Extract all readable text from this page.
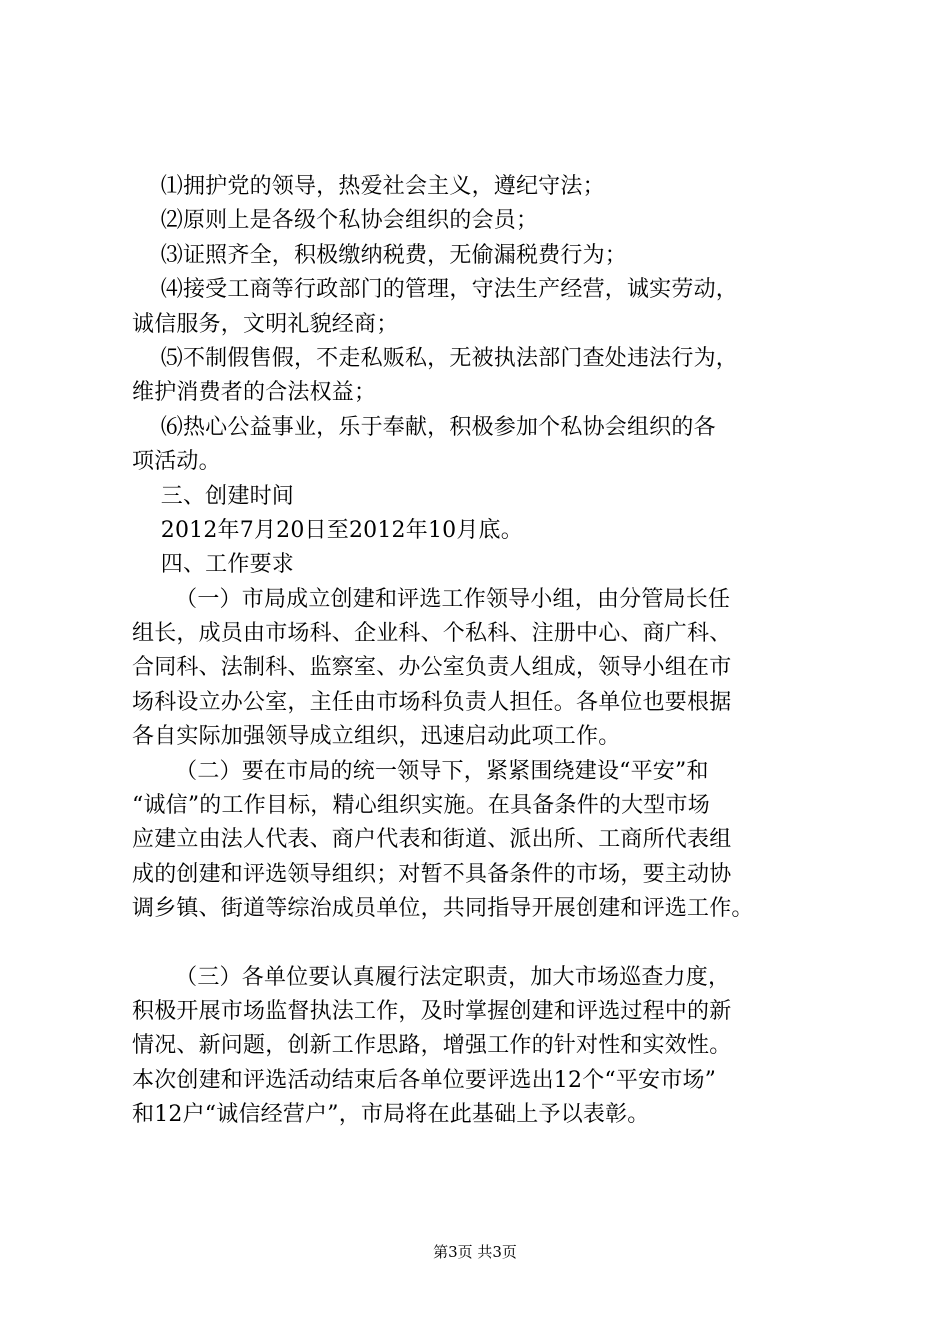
⑴拥护党的领导，热爱社会主义，遵纪守法；
⑵原则上是各级个私协会组织的会员；
⑶证照齐全，积极缴纳税费，无偷漏税费行为；
⑷接受工商等行政部门的管理，守法生产经营，诚实劳动，
诚信服务，文明礼貌经商；
⑸不制假售假，不走私贩私，无被执法部门查处违法行为，
维护消费者的合法权益；
⑹热心公益事业，乐于奉献，积极参加个私协会组织的各
项活动。
三、创建时间
2012年7月20日至2012年10月底。
四、工作要求
（一）市局成立创建和评选工作领导小组，由分管局长任
组长，成员由市场科、企业科、个私科、注册中心、商广科、
合同科、法制科、监察室、办公室负责人组成，领导小组在市
场科设立办公室，主任由市场科负责人担任。各单位也要根据
各自实际加强领导成立组织，迅速启动此项工作。
（二）要在市局的统一领导下，紧紧围绕建设“平安”和
“诚信”的工作目标，精心组织实施。在具备条件的大型市场
应建立由法人代表、商户代表和街道、派出所、工商所代表组
成的创建和评选领导组织；对暂不具备条件的市场，要主动协
调乡镇、街道等综治成员单位，共同指导开展创建和评选工作。
（三）各单位要认真履行法定职责，加大市场巡查力度，
积极开展市场监督执法工作，及时掌握创建和评选过程中的新
情况、新问题，创新工作思路，增强工作的针对性和实效性。
本次创建和评选活动结束后各单位要评选出12个“平安市场”
和12户“诚信经营户”，市局将在此基础上予以表彰。
第3页 共3页
